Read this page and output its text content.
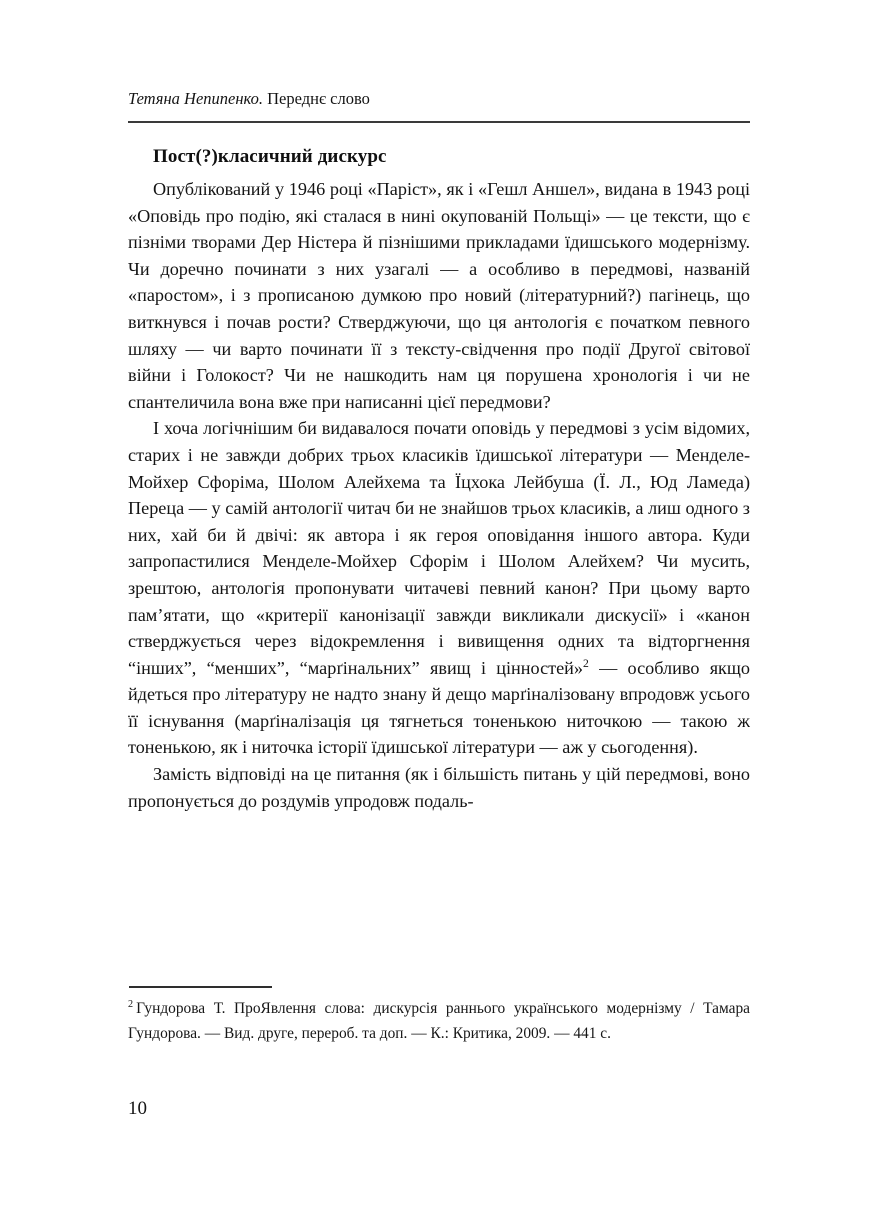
Тетяна Непипенко. Переднє слово
Пост(?)класичний дискурс

Опублікований у 1946 році «Паріст», як і «Гешл Аншел», видана в 1943 році «Оповідь про подію, які сталася в нині окупованій Польщі» — це тексти, що є пізніми творами Дер Ністера й пізнішими прикладами їдишського модернізму. Чи доречно починати з них узагалі — а особливо в передмові, названій «паростом», і з прописаною думкою про новий (літературний?) пагінець, що виткнувся і почав рости? Стверджуючи, що ця антологія є початком певного шляху — чи варто починати її з тексту-свідчення про події Другої світової війни і Голокост? Чи не нашкодить нам ця порушена хронологія і чи не спантеличила вона вже при написанні цієї передмови?

І хоча логічнішим би видавалося почати оповідь у передмові з усім відомих, старих і не завжди добрих трьох класиків їдишської літератури — Менделе-Мойхер Сфоріма, Шолом Алейхема та Їцхока Лейбуша (Ї. Л., Юд Ламеда) Переца — у самій антології читач би не знайшов трьох класиків, а лиш одного з них, хай би й двічі: як автора і як героя оповідання іншого автора. Куди запропастилися Менделе-Мойхер Сфорім і Шолом Алейхем? Чи мусить, зрештою, антологія пропонувати читачеві певний канон? При цьому варто пам’ятати, що «критерії канонізації завжди викликали дискусії» і «канон стверджується через відокремлення і вивищення одних та відторгнення “інших”, “менших”, “марґінальних” явищ і цінностей»$^2$ — особливо якщо йдеться про літературу не надто знану й дещо марґіналізовану впродовж усього її існування (марґіналізація ця тягнеться тоненькою ниточкою — такою ж тоненькою, як і ниточка історії їдишської літератури — аж у сьогодення).

Замість відповіді на це питання (як і більшість питань у цій передмові, воно пропонується до роздумів упродовж подаль-

$^2$ Гундорова Т. ПроЯвлення слова: дискурсія раннього українського модернізму / Тамара Гундорова. — Вид. друге, перероб. та доп. — К.: Критика, 2009. — 441 с.
10
